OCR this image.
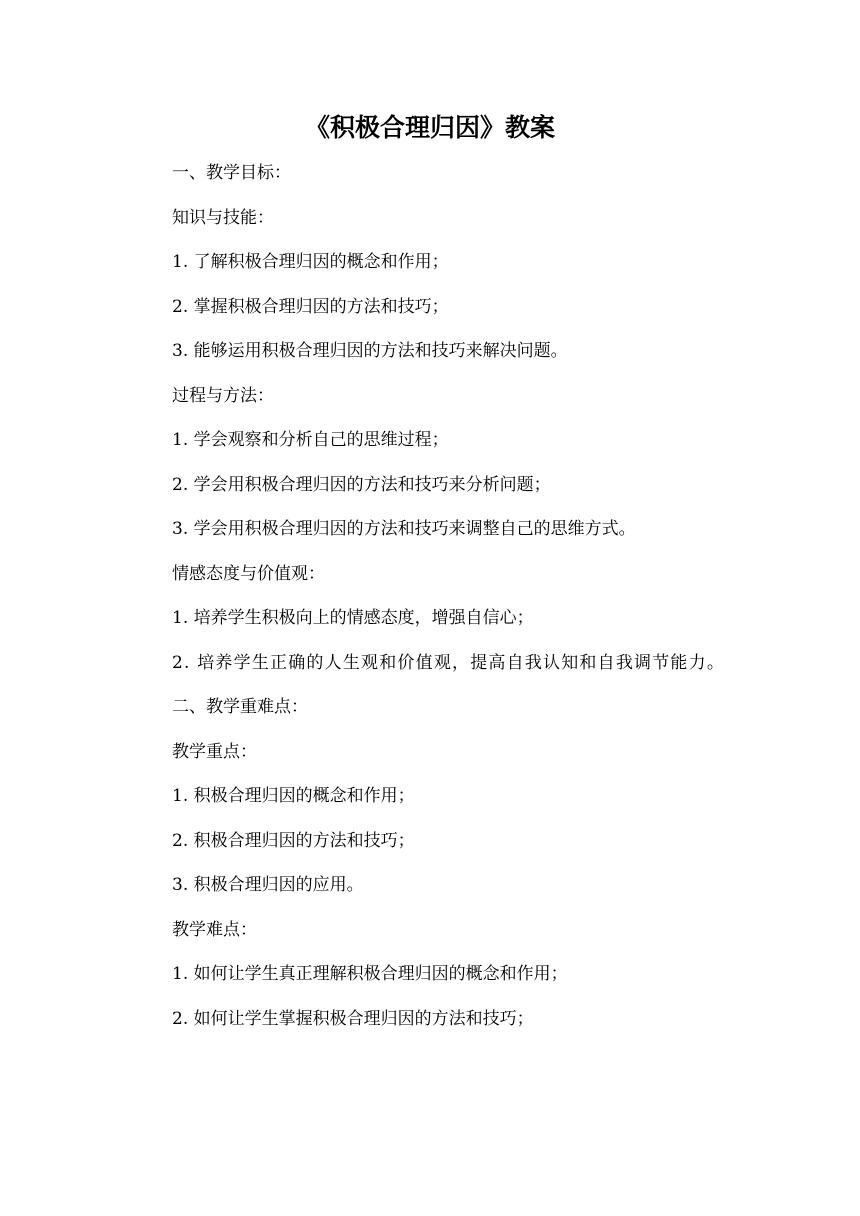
《积极合理归因》教案

一、教学目标：

知识与技能：

1. 了解积极合理归因的概念和作用；

2. 掌握积极合理归因的方法和技巧；

3. 能够运用积极合理归因的方法和技巧来解决问题。

过程与方法：

1. 学会观察和分析自己的思维过程；

2. 学会用积极合理归因的方法和技巧来分析问题；

3. 学会用积极合理归因的方法和技巧来调整自己的思维方式。

情感态度与价值观：

1. 培养学生积极向上的情感态度，增强自信心；

2. 培养学生正确的人生观和价值观，提高自我认知和自我调节能力。

二、教学重难点：

教学重点：

1. 积极合理归因的概念和作用；

2. 积极合理归因的方法和技巧；

3. 积极合理归因的应用。

教学难点：

1. 如何让学生真正理解积极合理归因的概念和作用；

2. 如何让学生掌握积极合理归因的方法和技巧；
